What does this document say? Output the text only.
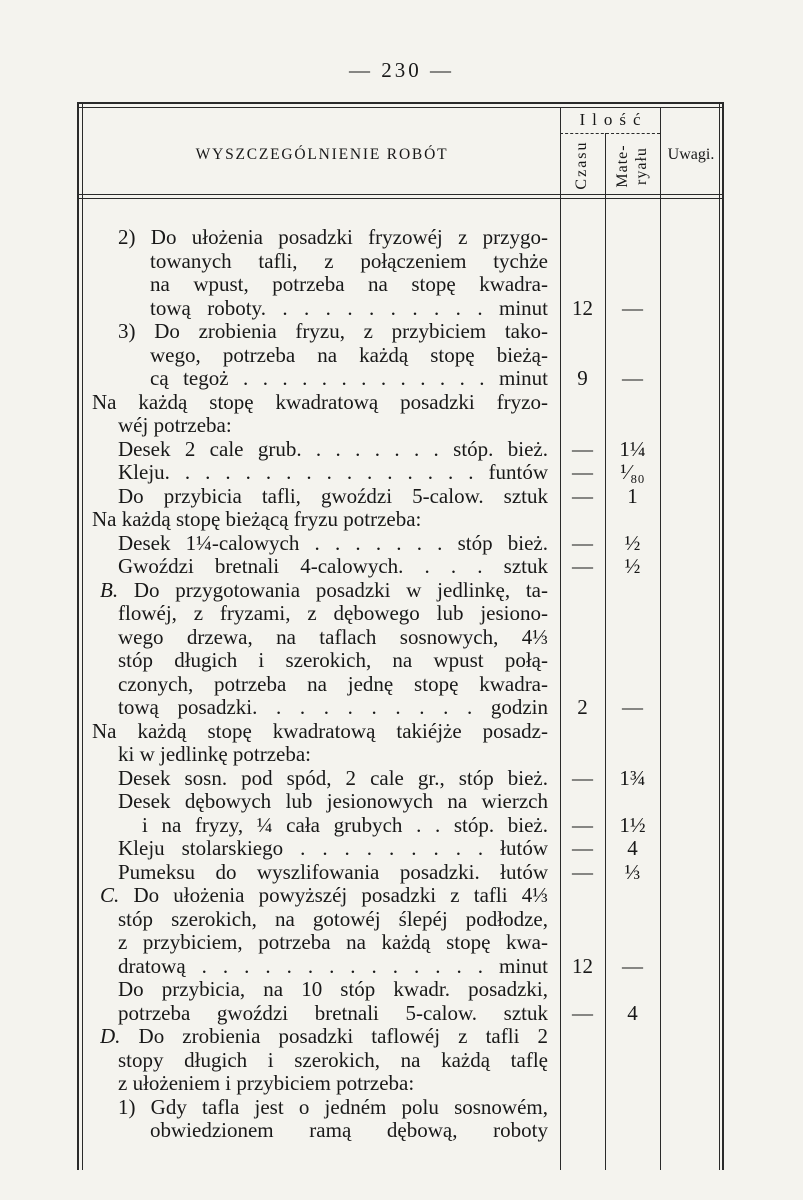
— 230 —
WYSZCZEGÓLNIENIE ROBÓT
Ilość
Czasu Mate- ryału	Uwagi.
2) Do ułożenia posadzki fryzowéj z przygo-
towanych tafli, z połączeniem tychże
na wpust, potrzeba na stopę kwadra-
tową roboty. . . . . . . . . . . minut	12	—
3) Do zrobienia fryzu, z przybiciem tako-
wego, potrzeba na każdą stopę bieżą-
cą tegoż . . . . . . . . . . . . . minut	9	—
Na każdą stopę kwadratową posadzki fryzo-
wéj potrzeba:
Desek 2 cale grub. . . . . . . . stóp. bież.	—	1¼
Kleju. . . . . . . . . . . . . . . . funtów	—	¹⁄₈₀
Do przybicia tafli, gwoździ 5-calow. sztuk	—	1
Na każdą stopę bieżącą fryzu potrzeba:
Desek 1¼-calowych . . . . . . . stóp bież.	—	½
Gwoździ bretnali 4-calowych. . . . sztuk	—	½
B. Do przygotowania posadzki w jedlinkę, ta-
flowéj, z fryzami, z dębowego lub jesiono-
wego drzewa, na taflach sosnowych, 4⅓
stóp długich i szerokich, na wpust połą-
czonych, potrzeba na jednę stopę kwadra-
tową posadzki. . . . . . . . . . godzin	2	—
Na każdą stopę kwadratową takiéjże posadz-
ki w jedlinkę potrzeba:
Desek sosn. pod spód, 2 cale gr., stóp bież.	—	1¾
Desek dębowych lub jesionowych na wierzch
i na fryzy, ¼ cała grubych . . stóp. bież.	—	1½
Kleju stolarskiego . . . . . . . . . łutów	—	4
Pumeksu do wyszlifowania posadzki. łutów	—	⅓
C. Do ułożenia powyższéj posadzki z tafli 4⅓
stóp szerokich, na gotowéj ślepéj podłodze,
z przybiciem, potrzeba na każdą stopę kwa-
dratową . . . . . . . . . . . . . . minut	12	—
Do przybicia, na 10 stóp kwadr. posadzki,
potrzeba gwoździ bretnali 5-calow. sztuk	—	4
D. Do zrobienia posadzki taflowéj z tafli 2
stopy długich i szerokich, na każdą taflę
z ułożeniem i przybiciem potrzeba:
1) Gdy tafla jest o jedném polu sosnowém,
obwiedzionem ramą dębową, roboty
